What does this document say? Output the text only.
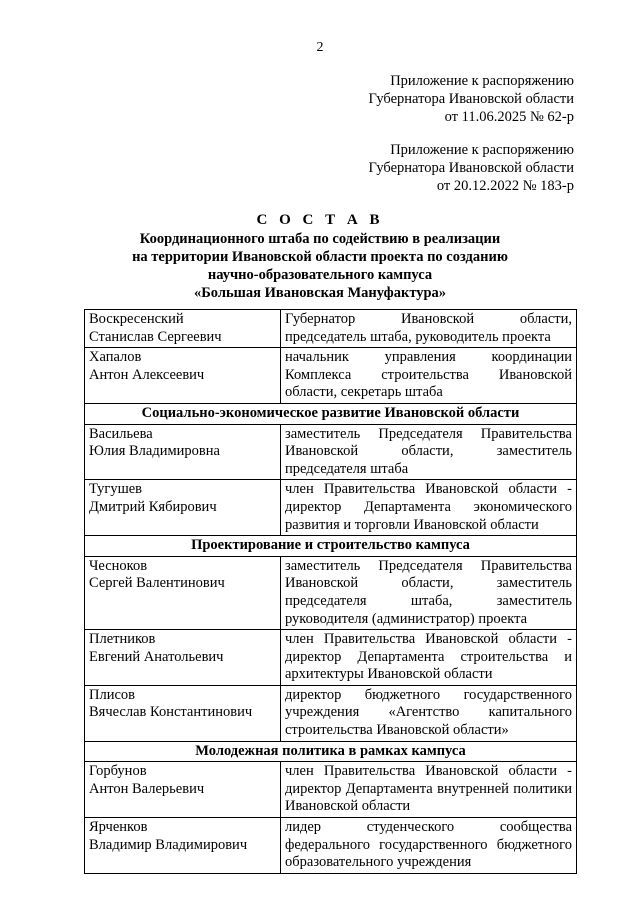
2
Приложение к распоряжению
Губернатора Ивановской области
от 11.06.2025 № 62-р
Приложение к распоряжению
Губернатора Ивановской области
от 20.12.2022 № 183-р
С О С Т А В
Координационного штаба по содействию в реализации
на территории Ивановской области проекта по созданию
научно-образовательного кампуса
«Большая Ивановская Мануфактура»
Воскресенский
Станислав Сергеевич	Губернатор Ивановской области, председатель штаба, руководитель проекта

Хапалов
Антон Алексеевич	начальник управления координации Комплекса строительства Ивановской области, секретарь штаба
Социально-экономическое развитие Ивановской области	

Васильева
Юлия Владимировна	заместитель Председателя Правительства Ивановской области, заместитель председателя штаба

Тугушев
Дмитрий Кябирович	член Правительства Ивановской области - директор Департамента экономического развития и торговли Ивановской области
Проектирование и строительство кампуса	

Чесноков
Сергей Валентинович	заместитель Председателя Правительства Ивановской области, заместитель председателя штаба, заместитель руководителя (администратор) проекта

Плетников
Евгений Анатольевич	член Правительства Ивановской области - директор Департамента строительства и архитектуры Ивановской области

Плисов
Вячеслав Константинович	директор бюджетного государственного учреждения «Агентство капитального строительства Ивановской области»
Молодежная политика в рамках кампуса	

Горбунов
Антон Валерьевич	член Правительства Ивановской области - директор Департамента внутренней политики Ивановской области

Ярченков
Владимир Владимирович	лидер студенческого сообщества федерального государственного бюджетного образовательного учреждения
